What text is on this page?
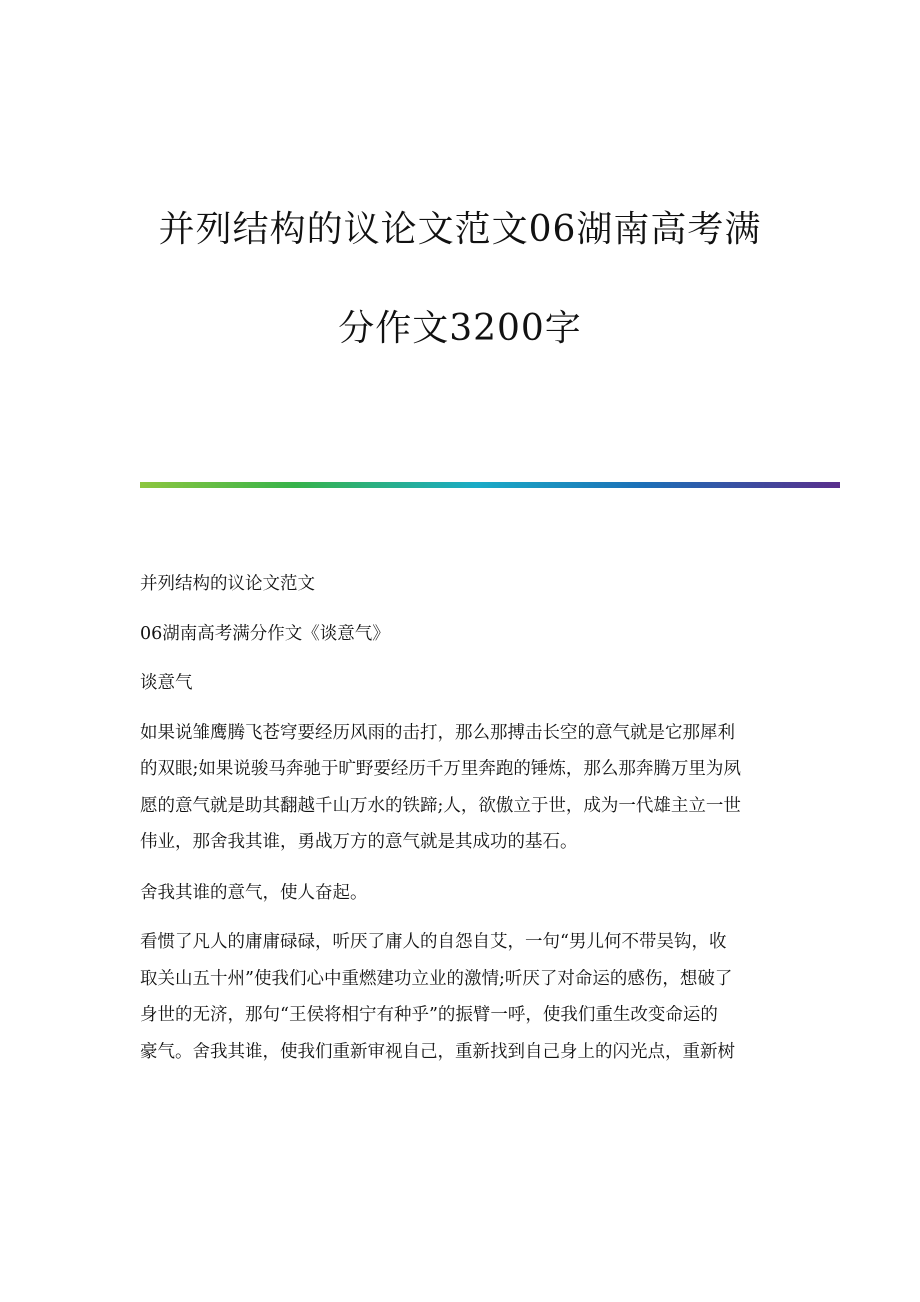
并列结构的议论文范文06湖南高考满
分作文3200字

并列结构的议论文范文

06湖南高考满分作文《谈意气》

谈意气

如果说雏鹰腾飞苍穹要经历风雨的击打，那么那搏击长空的意气就是它那犀利
的双眼;如果说骏马奔驰于旷野要经历千万里奔跑的锤炼，那么那奔腾万里为夙
愿的意气就是助其翻越千山万水的铁蹄;人，欲傲立于世，成为一代雄主立一世
伟业，那舍我其谁，勇战万方的意气就是其成功的基石。

舍我其谁的意气，使人奋起。

看惯了凡人的庸庸碌碌，听厌了庸人的自怨自艾，一句“男儿何不带吴钩，收
取关山五十州”使我们心中重燃建功立业的激情;听厌了对命运的感伤，想破了
身世的无济，那句“王侯将相宁有种乎”的振臂一呼，使我们重生改变命运的
豪气。舍我其谁，使我们重新审视自己，重新找到自己身上的闪光点，重新树
